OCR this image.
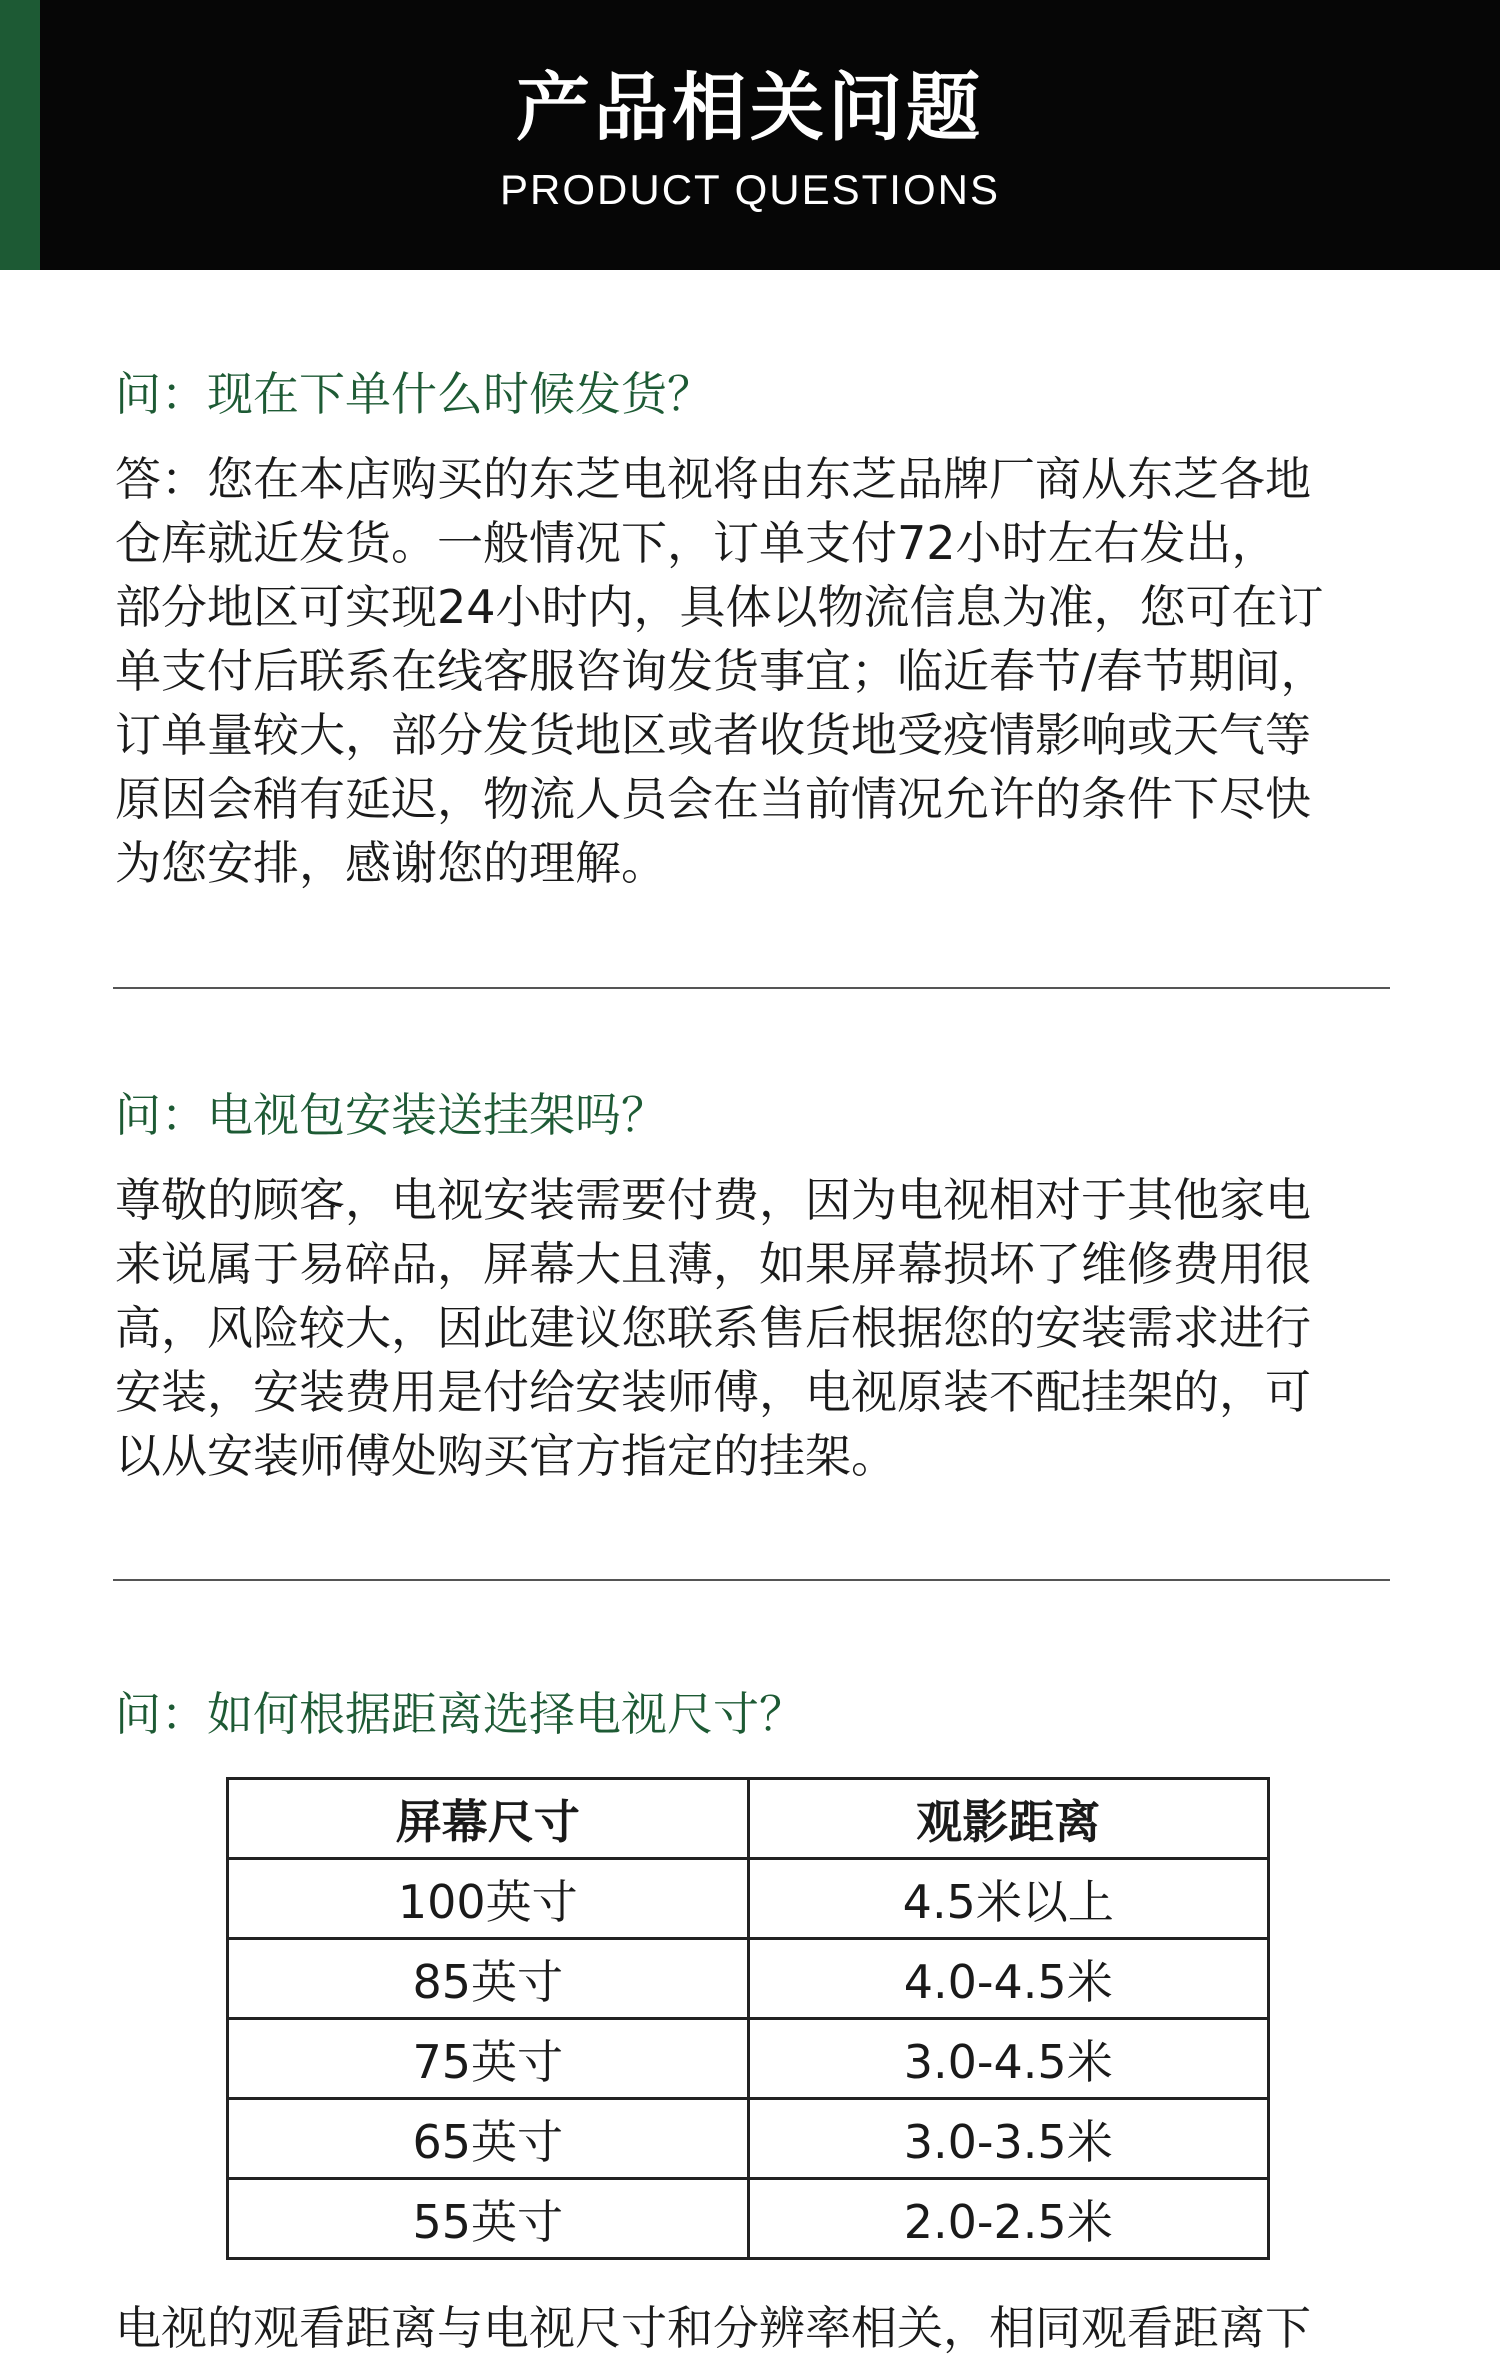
产品相关问题
PRODUCT QUESTIONS
问：现在下单什么时候发货？
答：您在本店购买的东芝电视将由东芝品牌厂商从东芝各地
仓库就近发货。一般情况下，订单支付72小时左右发出，
部分地区可实现24小时内，具体以物流信息为准，您可在订
单支付后联系在线客服咨询发货事宜；临近春节/春节期间，
订单量较大，部分发货地区或者收货地受疫情影响或天气等
原因会稍有延迟，物流人员会在当前情况允许的条件下尽快
为您安排，感谢您的理解。
问：电视包安装送挂架吗？
尊敬的顾客，电视安装需要付费，因为电视相对于其他家电
来说属于易碎品，屏幕大且薄，如果屏幕损坏了维修费用很
高，风险较大，因此建议您联系售后根据您的安装需求进行
安装，安装费用是付给安装师傅，电视原装不配挂架的，可
以从安装师傅处购买官方指定的挂架。
问：如何根据距离选择电视尺寸？
屏幕尺寸	观影距离
100英寸	4.5米以上
85英寸	4.0-4.5米
75英寸	3.0-4.5米
65英寸	3.0-3.5米
55英寸	2.0-2.5米
电视的观看距离与电视尺寸和分辨率相关，相同观看距离下
